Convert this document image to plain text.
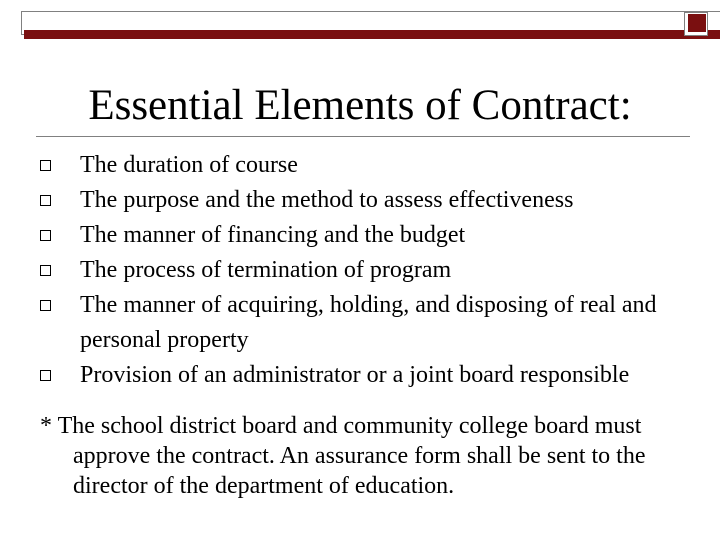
Essential Elements of Contract:
The duration of course
The purpose and the method to assess effectiveness
The manner of financing and the budget
The process of termination of program
The manner of acquiring, holding, and disposing of real and personal property
Provision of an administrator or a joint board responsible

* The school district board and community college board must approve the contract. An assurance form shall be sent to the director of the department of education.
